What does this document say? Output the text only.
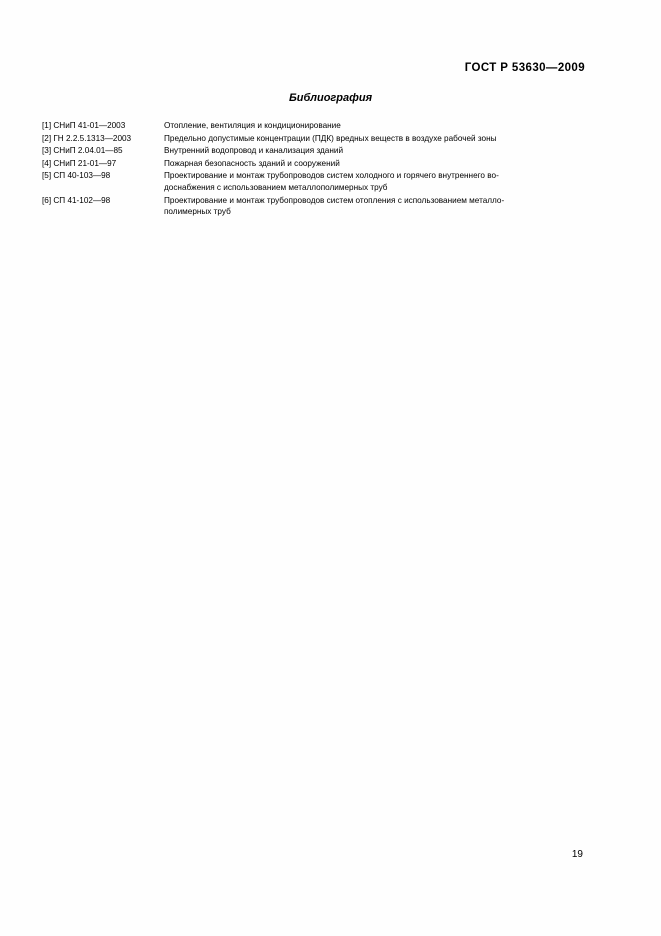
ГОСТ Р 53630—2009
Библиография
[1] СНиП 41-01—2003	Отопление, вентиляция и кондиционирование
[2] ГН 2.2.5.1313—2003	Предельно допустимые концентрации (ПДК) вредных веществ в воздухе рабочей зоны
[3] СНиП 2.04.01—85	Внутренний водопровод и канализация зданий
[4] СНиП 21-01—97	Пожарная безопасность зданий и сооружений
[5] СП 40-103—98	Проектирование и монтаж трубопроводов систем холодного и горячего внутреннего во-
доснабжения с использованием металлополимерных труб
[6] СП 41-102—98	Проектирование и монтаж трубопроводов систем отопления с использованием металло-
полимерных труб
19
